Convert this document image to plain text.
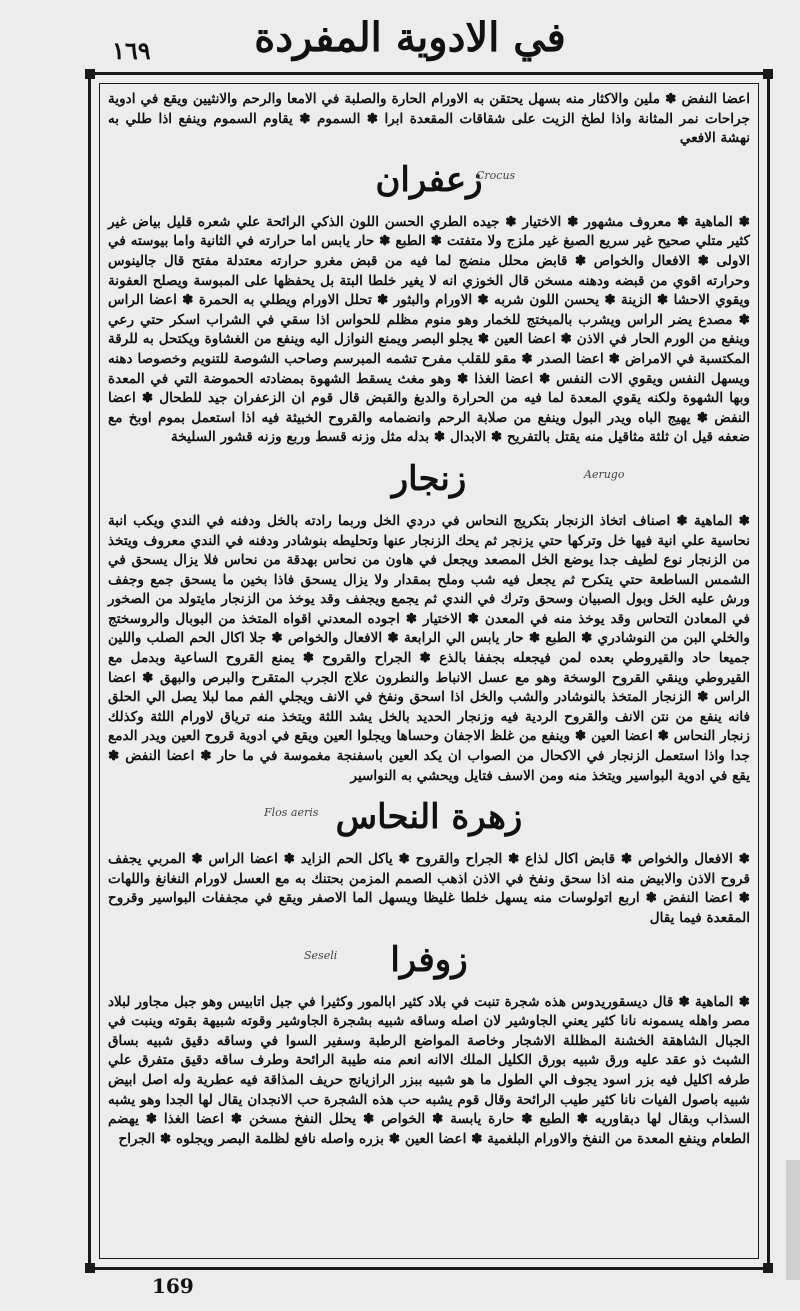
في الادوية المفردة
١٦٩

اعضا النفض ✽ ملين والاكثار منه بسهل يحتقن به الاورام الحارة والصلبة في الامعا والرحم والانثيين ويقع في ادوية جراحات نمر المثانة واذا لطخ الزيت على شقاقات المقعدة ابرا ✽ السموم ✽ يقاوم السموم وينفع اذا طلي به نهشة الافعي

زعفران
Crocus

✽ الماهية ✽ معروف مشهور ✽ الاختيار ✽ جيده الطري الحسن اللون الذكي الرائحة علي شعره قليل بياض غير كثير متلي صحيح غير سريع الصبغ غير ملزج ولا متفتت ✽ الطبع ✽ حار يابس اما حرارته في الثانية واما بيوسته في الاولى ✽ الافعال والخواص ✽ قابض محلل منضج لما فيه من قبض مغرو حرارته معتدلة مفتح قال جالينوس وحرارته اقوي من قبضه ودهنه مسخن قال الخوزي انه لا يغير خلطا البتة بل يحفظها على المبوسة ويصلح العفونة ويقوي الاحشا ✽ الزينة ✽ يحسن اللون شربه ✽ الاورام والبثور ✽ تحلل الاورام ويطلي به الحمرة ✽ اعضا الراس ✽ مصدع يضر الراس ويشرب بالمبختج للخمار وهو منوم مظلم للحواس اذا سقي في الشراب اسكر حتي رعي وينفع من الورم الحار في الاذن ✽ اعضا العين ✽ يجلو البصر ويمنع النوازل اليه وينفع من الغشاوة ويكتحل به للرقة المكتسبة في الامراض ✽ اعضا الصدر ✽ مقو للقلب مفرح تشمه المبرسم وصاحب الشوصة للتنويم وخصوصا دهنه ويسهل النفس ويقوي الات النفس ✽ اعضا الغذا ✽ وهو مغث يسقط الشهوة بمضادته الحموضة التي في المعدة وبها الشهوة ولكنه يقوي المعدة لما فيه من الحرارة والدبغ والقبض قال قوم ان الزعفران جيد للطحال ✽ اعضا النفض ✽ يهيج الباه ويدر البول وينفع من صلابة الرحم وانضمامه والقروح الخبيثة فيه اذا استعمل بموم اوبخ مع ضعفه قيل ان ثلثة مثاقيل منه يقتل بالتفريح ✽ الابدال ✽ بدله مثل وزنه قسط وربع وزنه قشور السليخة

زنجار	Aerugo

✽ الماهية ✽ اصناف اتخاذ الزنجار بتكريج النحاس في دردي الخل وربما رادته بالخل ودفنه في الندي ويكب انبة نحاسية علي انية فيها خل وتركها حتي يزنجر ثم يحك الزنجار عنها وتحليطه بنوشادر ودفنه في الندي معروف ويتخذ من الزنجار نوع لطيف جدا يوضع الخل المصعد ويجعل في هاون من نحاس بهدقة من نحاس فلا يزال يسحق في الشمس الساطعة حتي يتكرح ثم يجعل فيه شب وملح بمقدار ولا يزال يسحق فاذا بخين ما يسحق جمع وجفف ورش عليه الخل وبول الصبيان وسحق وترك في الندي ثم يجمع ويجفف وقد يوخذ من الزنجار مايتولد من الصخور في المعادن التحاس وقد يوخذ منه في المعدن ✽ الاختيار ✽ اجوده المعدني اقواه المتخذ من البوبال والروسختج والخلي البن من النوشادري ✽ الطبع ✽ حار يابس الي الرابعة ✽ الافعال والخواص ✽ جلا اكال الحم الصلب واللين جميعا حاد والقيروطي بعده لمن فيجعله بجففا بالذع ✽ الجراح والقروح ✽ يمنع القروح الساعية وبدمل مع القيروطي وينقي القروح الوسخة وهو مع عسل الانباط والنطرون علاج الجرب المتقرح والبرص والبهق ✽ اعضا الراس ✽ الزنجار المتخذ بالنوشادر والشب والخل اذا اسحق ونفخ في الانف ويجلي الفم مما لبلا يصل الي الحلق فانه ينفع من نتن الانف والقروح الردية فيه وزنجار الحديد بالخل يشد اللثة ويتخذ منه ترياق لاورام اللثة وكذلك زنجار النحاس ✽ اعضا العين ✽ وينفع من غلظ الاجفان وحساها ويجلوا العين ويقع في ادوية قروح العين ويدر الدمع جدا واذا استعمل الزنجار في الاكحال من الصواب ان يكد العين باسفنجة مغموسة في ما حار ✽ اعضا النفض ✽ يقع في ادوية البواسير ويتخذ منه ومن الاسف فتايل ويحشي به النواسير

زهرة النحاس
Flos aeris

✽ الافعال والخواص ✽ قابض اكال لذاع ✽ الجراح والقروح ✽ ياكل الحم الزايد ✽ اعضا الراس ✽ المربي يجفف قروح الاذن والابيض منه اذا سحق ونفخ في الاذن اذهب الصمم المزمن بحتنك به مع العسل لاورام النغانغ واللهات ✽ اعضا النفض ✽ اربع اتولوسات منه يسهل خلطا غليظا ويسهل الما الاصفر ويقع في مجففات البواسير وقروح المقعدة فيما يقال

زوفرا
Seseli

✽ الماهية ✽ قال ديسقوريدوس هذه شجرة تنبت في بلاد كثير ابالمور وكثيرا في جبل اتابيس وهو جبل مجاور لبلاد مصر واهله يسمونه نانا كثير يعني الجاوشير لان اصله وساقه شبيه بشجرة الجاوشير وقوته شبيهة بقوته وينبت في الجبال الشاهقة الخشنة المظللة الاشجار وخاصة المواضع الرطبة وسفير السوا في وساقه دقيق شبيه بساق الشبث ذو عقد عليه ورق شبيه بورق الكليل الملك الاانه انعم منه طيبة الرائحة وطرف ساقه دقيق متفرق علي طرفه اكليل فيه بزر اسود يجوف الي الطول ما هو شبيه ببزر الرازيانج حريف المذاقة فيه عطرية وله اصل ابيض شبيه باصول الفيات نانا كثير طيب الرائحة وقال قوم يشبه حب هذه الشجرة حب الانجدان يقال لها الجدا وهو يشبه السذاب وبقال لها دبقاوريه ✽ الطبع ✽ حارة يابسة ✽ الخواص ✽ يحلل النفخ مسخن ✽ اعضا الغذا ✽ يهضم الطعام وينفع المعدة من النفخ والاورام البلغمية ✽ اعضا العين ✽ بزره واصله نافع لظلمة البصر ويجلوه ✽ الجراح

169
